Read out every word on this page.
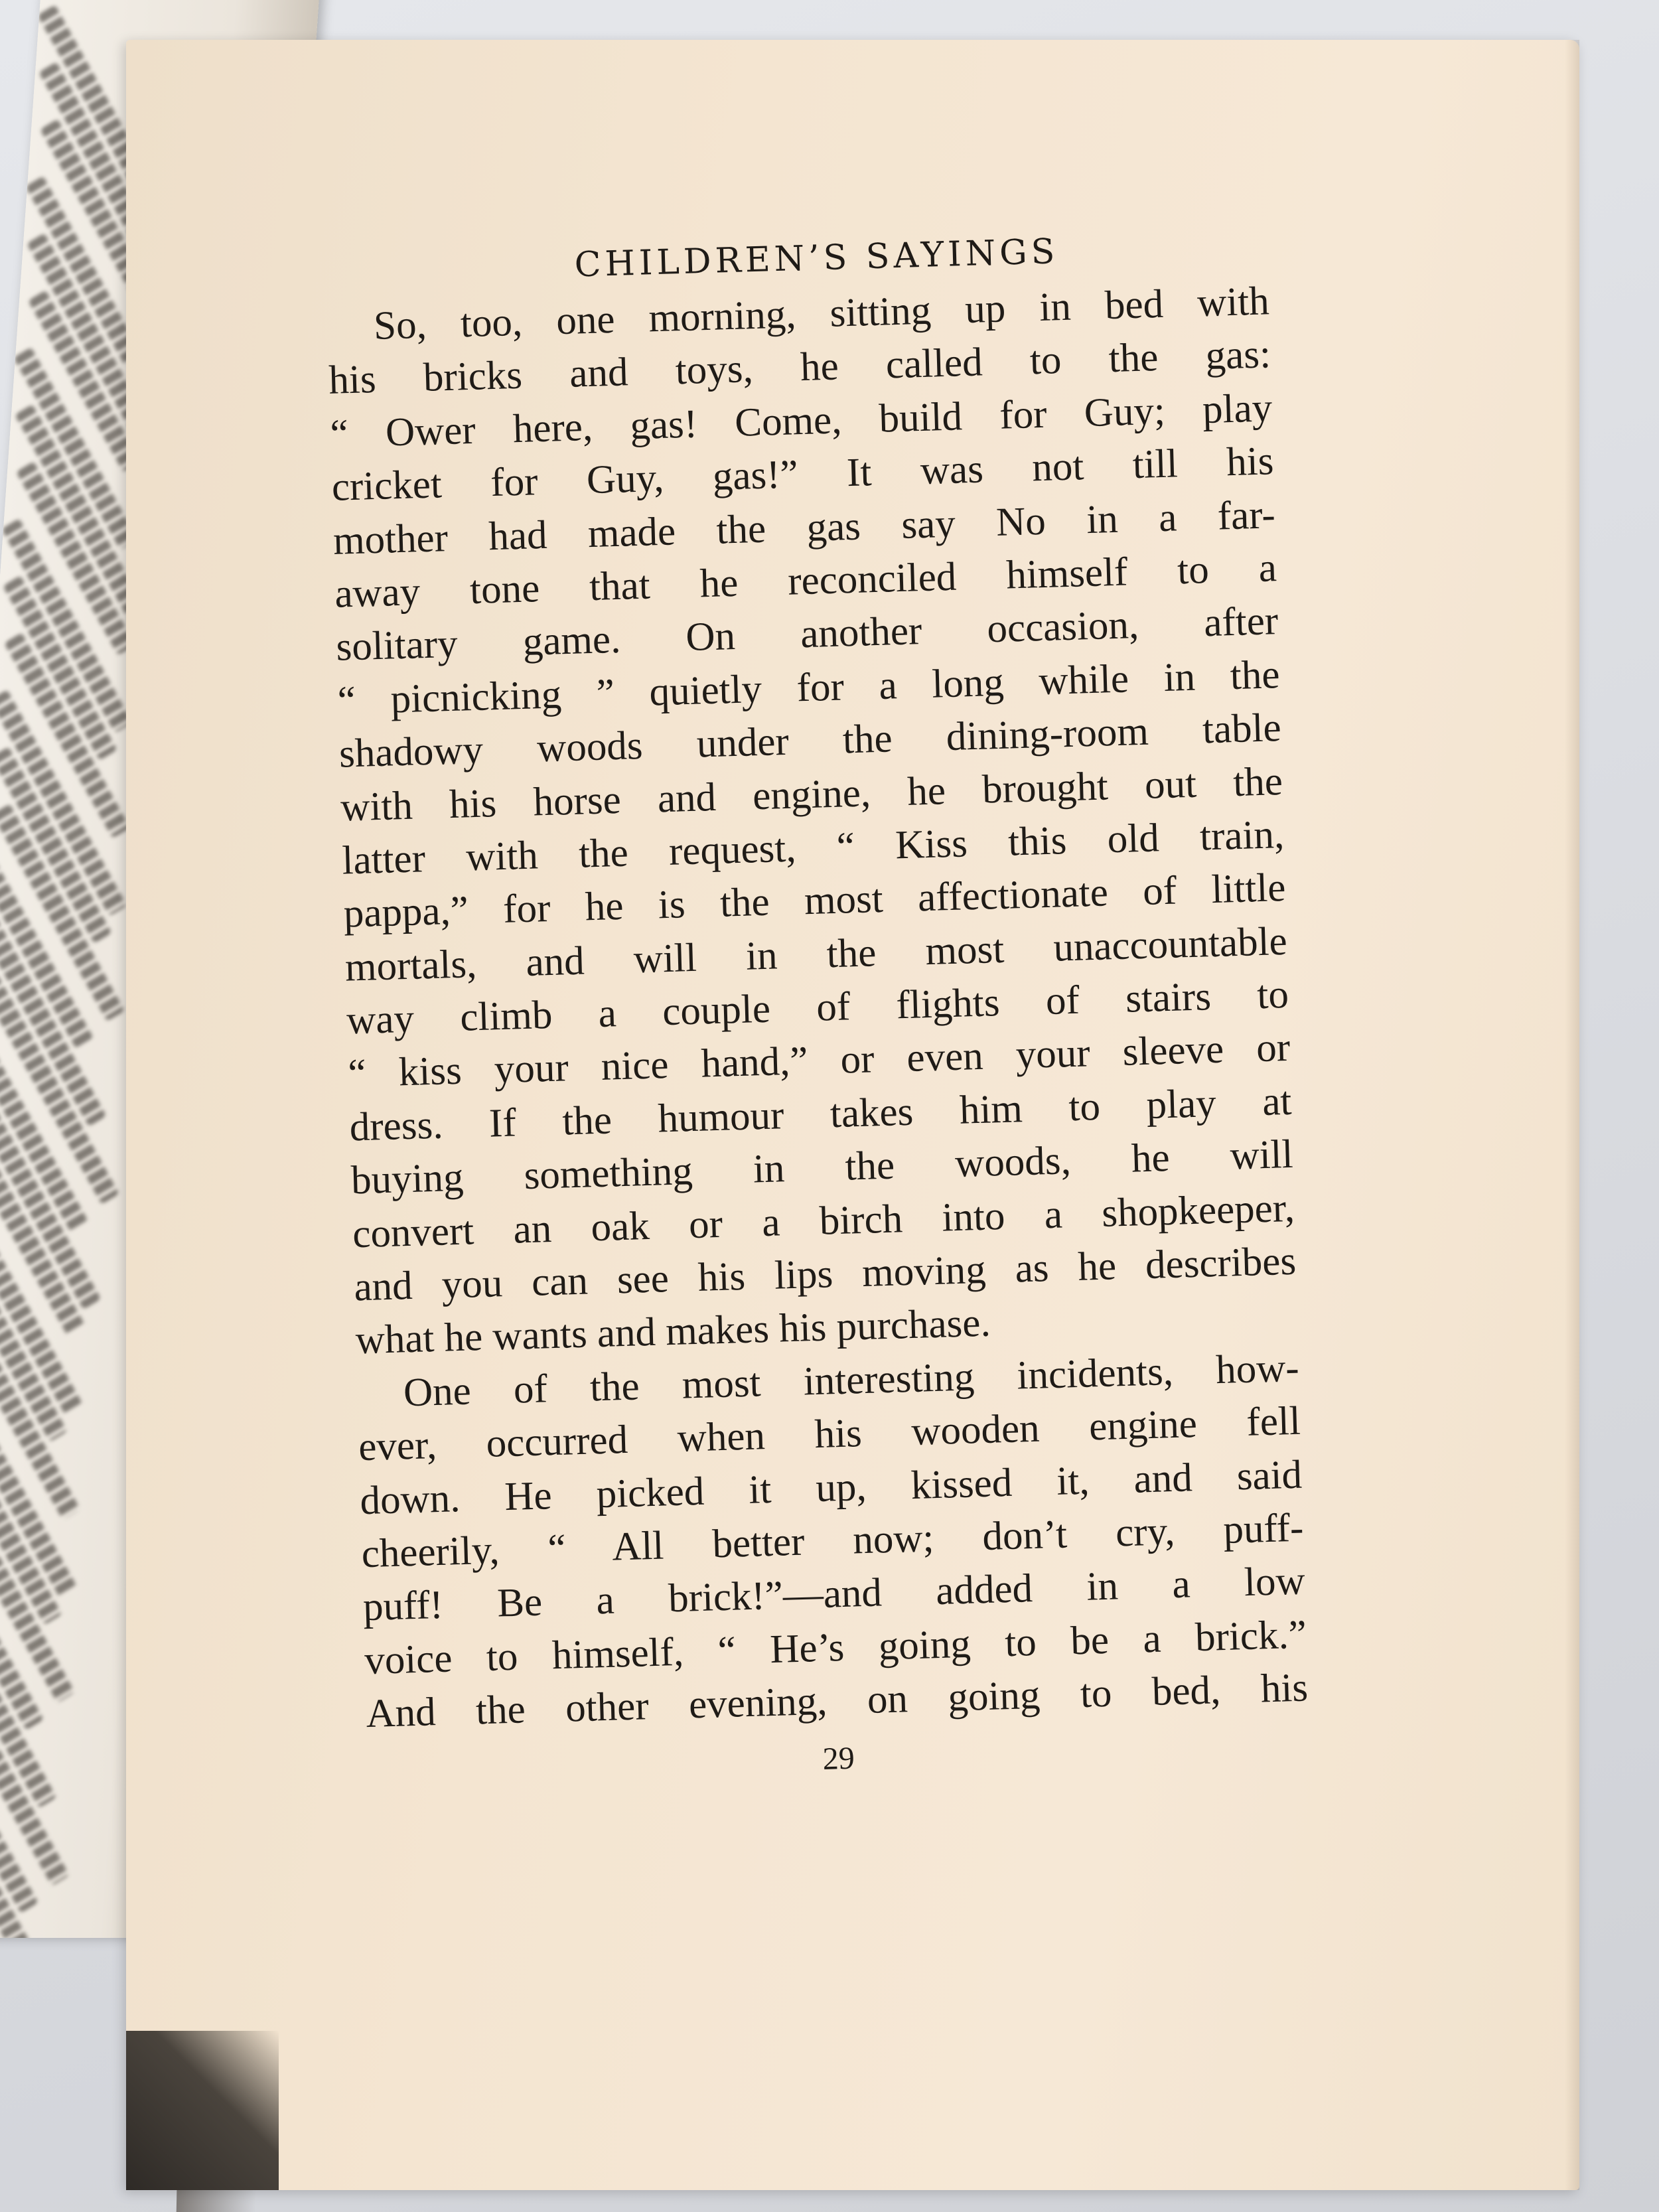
CHILDREN’S SAYINGS
So, too, one morning, sitting up in bed with
his bricks and toys, he called to the gas:
“ Ower here, gas! Come, build for Guy; play
cricket for Guy, gas!” It was not till his
mother had made the gas say No in a far-
away tone that he reconciled himself to a
solitary game. On another occasion, after
“ picnicking ” quietly for a long while in the
shadowy woods under the dining-room table
with his horse and engine, he brought out the
latter with the request, “ Kiss this old train,
pappa,” for he is the most affectionate of little
mortals, and will in the most unaccountable
way climb a couple of flights of stairs to
“ kiss your nice hand,” or even your sleeve or
dress. If the humour takes him to play at
buying something in the woods, he will
convert an oak or a birch into a shopkeeper,
and you can see his lips moving as he describes
what he wants and makes his purchase.
One of the most interesting incidents, how-
ever, occurred when his wooden engine fell
down. He picked it up, kissed it, and said
cheerily, “ All better now; don’t cry, puff-
puff! Be a brick!”—and added in a low
voice to himself, “ He’s going to be a brick.”
And the other evening, on going to bed, his
29
